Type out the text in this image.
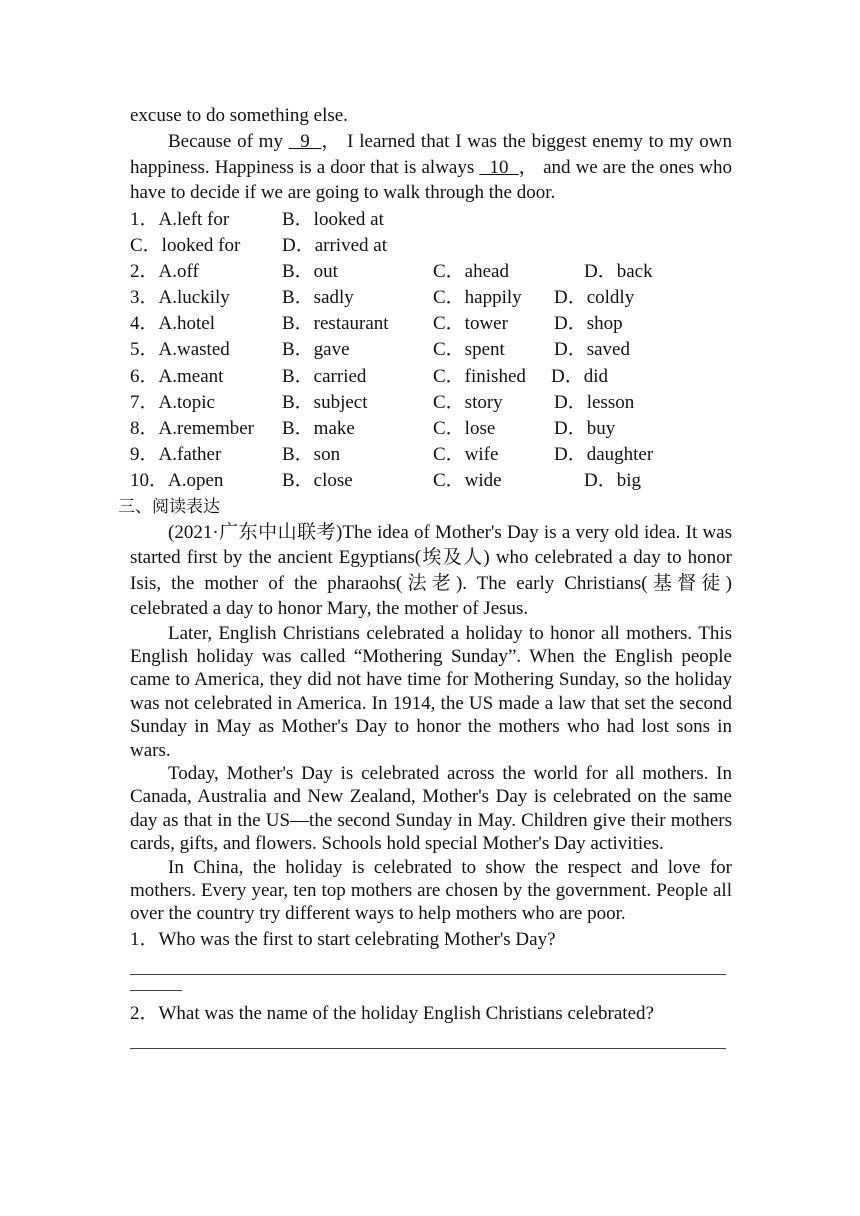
excuse to do something else.
Because of my   9  ， I learned that I was the biggest enemy to my own happiness. Happiness is a door that is always   10  ， and we are the ones who have to decide if we are going to walk through the door.
1．A.left for	B．looked at
C．looked for D．arrived at
2．A.off	B．out	C．ahead	D．back
3．A.luckily	B．sadly	C．happily D．coldly
4．A.hotel	B．restaurant C．tower D．shop
5．A.wasted	B．gave	C．spent	D．saved
6．A.meant	B．carried	C．finished D．did
7．A.topic	B．subject	C．story	D．lesson
8．A.remember B．make	C．lose	D．buy
9．A.father	B．son	C．wife	D．daughter
10．A.open	B．close	C．wide	D．big
三、阅读表达
(2021·广东中山联考)The idea of Mother's Day is a very old idea. It was started first by the ancient Egyptians(埃及人) who celebrated a day to honor Isis, the mother of the pharaohs(法老). The early Christians(基督徒) celebrated a day to honor Mary, the mother of Jesus.
Later, English Christians celebrated a holiday to honor all mothers. This English holiday was called “Mothering Sunday”. When the English people came to America, they did not have time for Mothering Sunday, so the holiday was not celebrated in America. In 1914, the US made a law that set the second Sunday in May as Mother's Day to honor the mothers who had lost sons in wars.
Today, Mother's Day is celebrated across the world for all mothers. In Canada, Australia and New Zealand, Mother's Day is celebrated on the same day as that in the US—the second Sunday in May. Children give their mothers cards, gifts, and flowers. Schools hold special Mother's Day activities.
In China, the holiday is celebrated to show the respect and love for mothers. Every year, ten top mothers are chosen by the government. People all over the country try different ways to help mothers who are poor.
1．Who was the first to start celebrating Mother's Day?
2．What was the name of the holiday English Christians celebrated?
